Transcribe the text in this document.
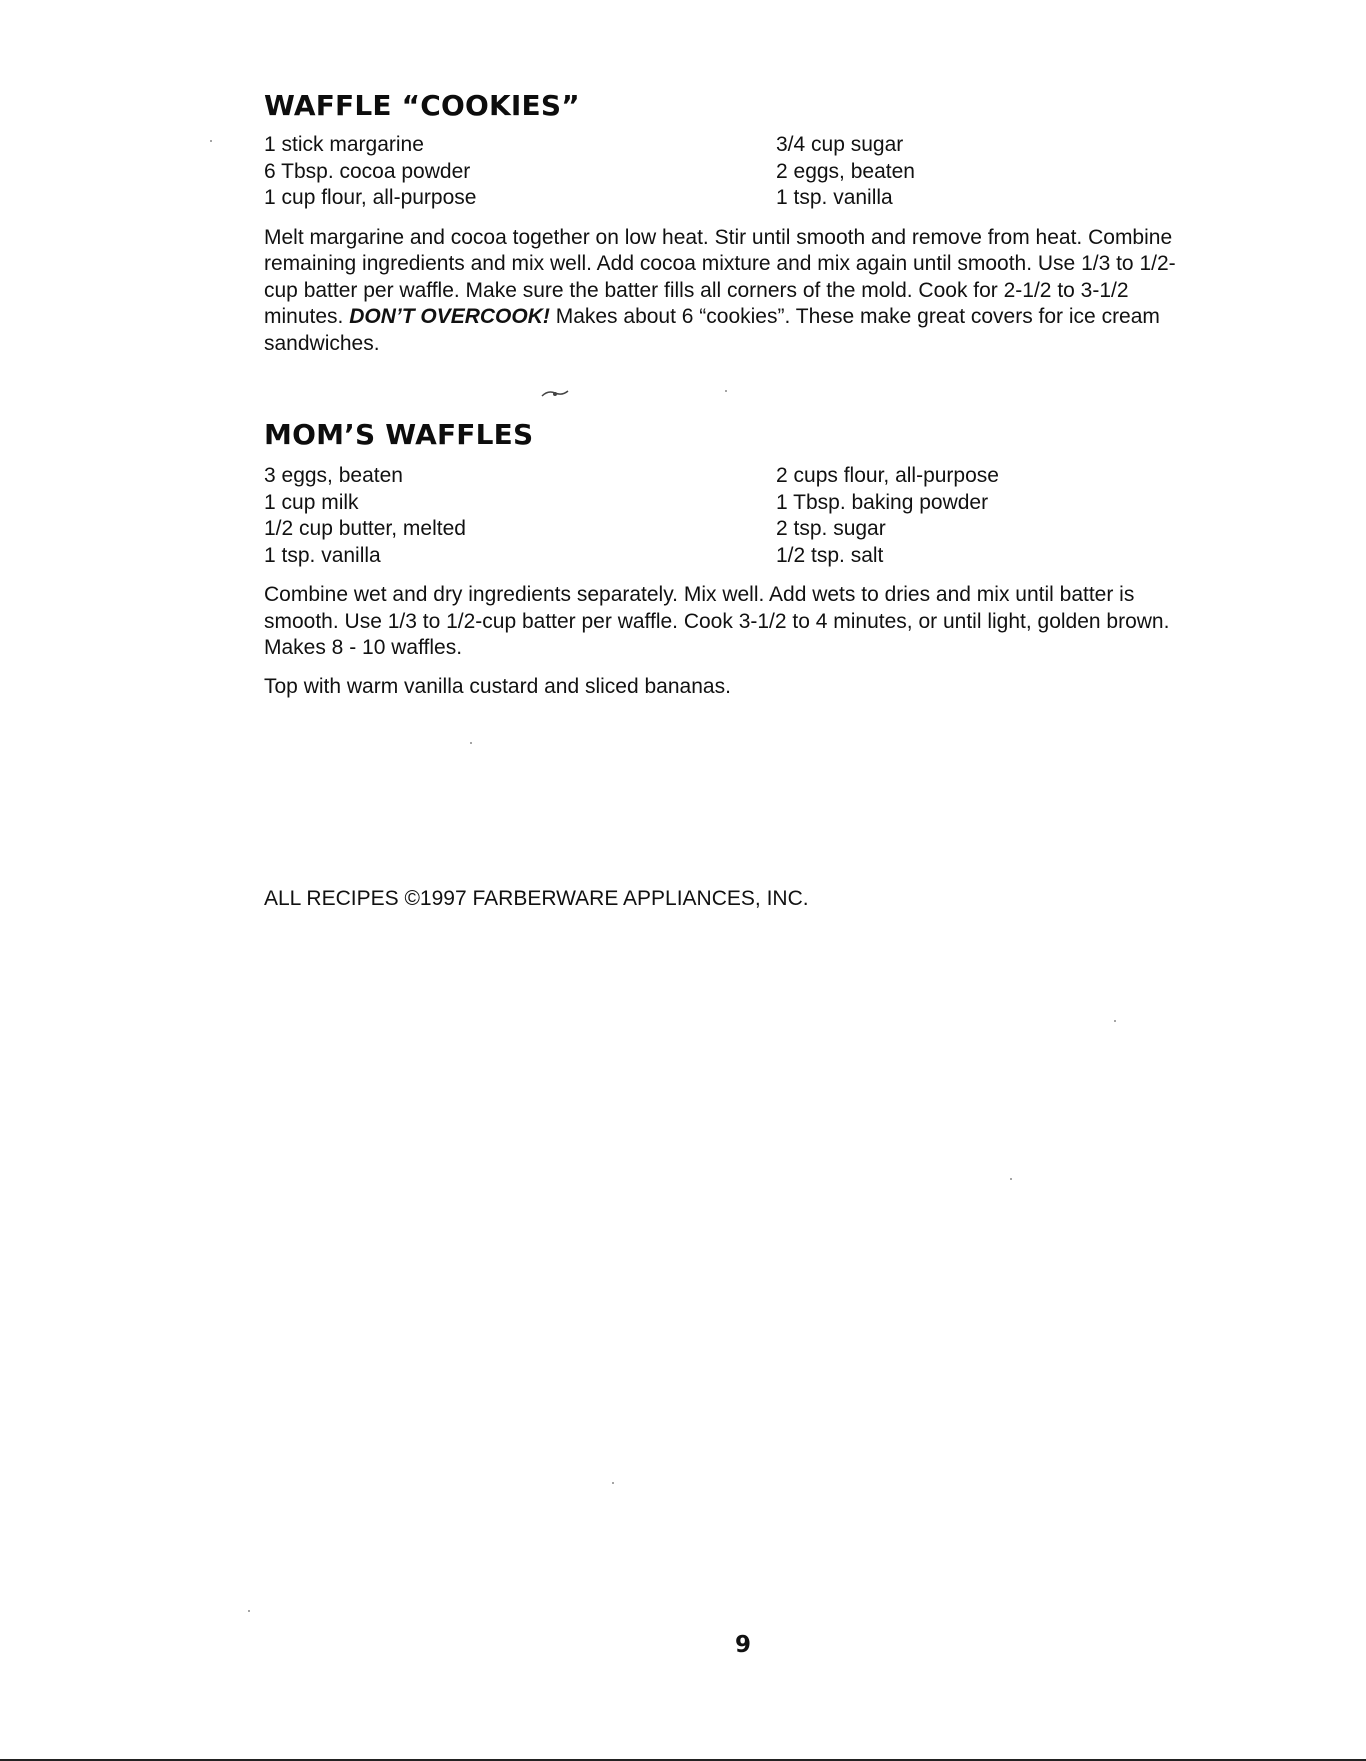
WAFFLE “COOKIES”
1 stick margarine
6 Tbsp. cocoa powder
1 cup flour, all-purpose
3/4 cup sugar
2 eggs, beaten
1 tsp. vanilla

Melt margarine and cocoa together on low heat. Stir until smooth and remove from heat. Combine remaining ingredients and mix well. Add cocoa mixture and mix again until smooth. Use 1/3 to 1/2-cup batter per waffle. Make sure the batter fills all corners of the mold. Cook for 2-1/2 to 3-1/2 minutes. DON’T OVERCOOK! Makes about 6 “cookies”. These make great covers for ice cream sandwiches.

MOM’S WAFFLES
3 eggs, beaten
1 cup milk
1/2 cup butter, melted
1 tsp. vanilla
2 cups flour, all-purpose
1 Tbsp. baking powder
2 tsp. sugar
1/2 tsp. salt

Combine wet and dry ingredients separately. Mix well. Add wets to dries and mix until batter is smooth. Use 1/3 to 1/2-cup batter per waffle. Cook 3-1/2 to 4 minutes, or until light, golden brown. Makes 8 - 10 waffles.

Top with warm vanilla custard and sliced bananas.

ALL RECIPES ©1997 FARBERWARE APPLIANCES, INC.

9
